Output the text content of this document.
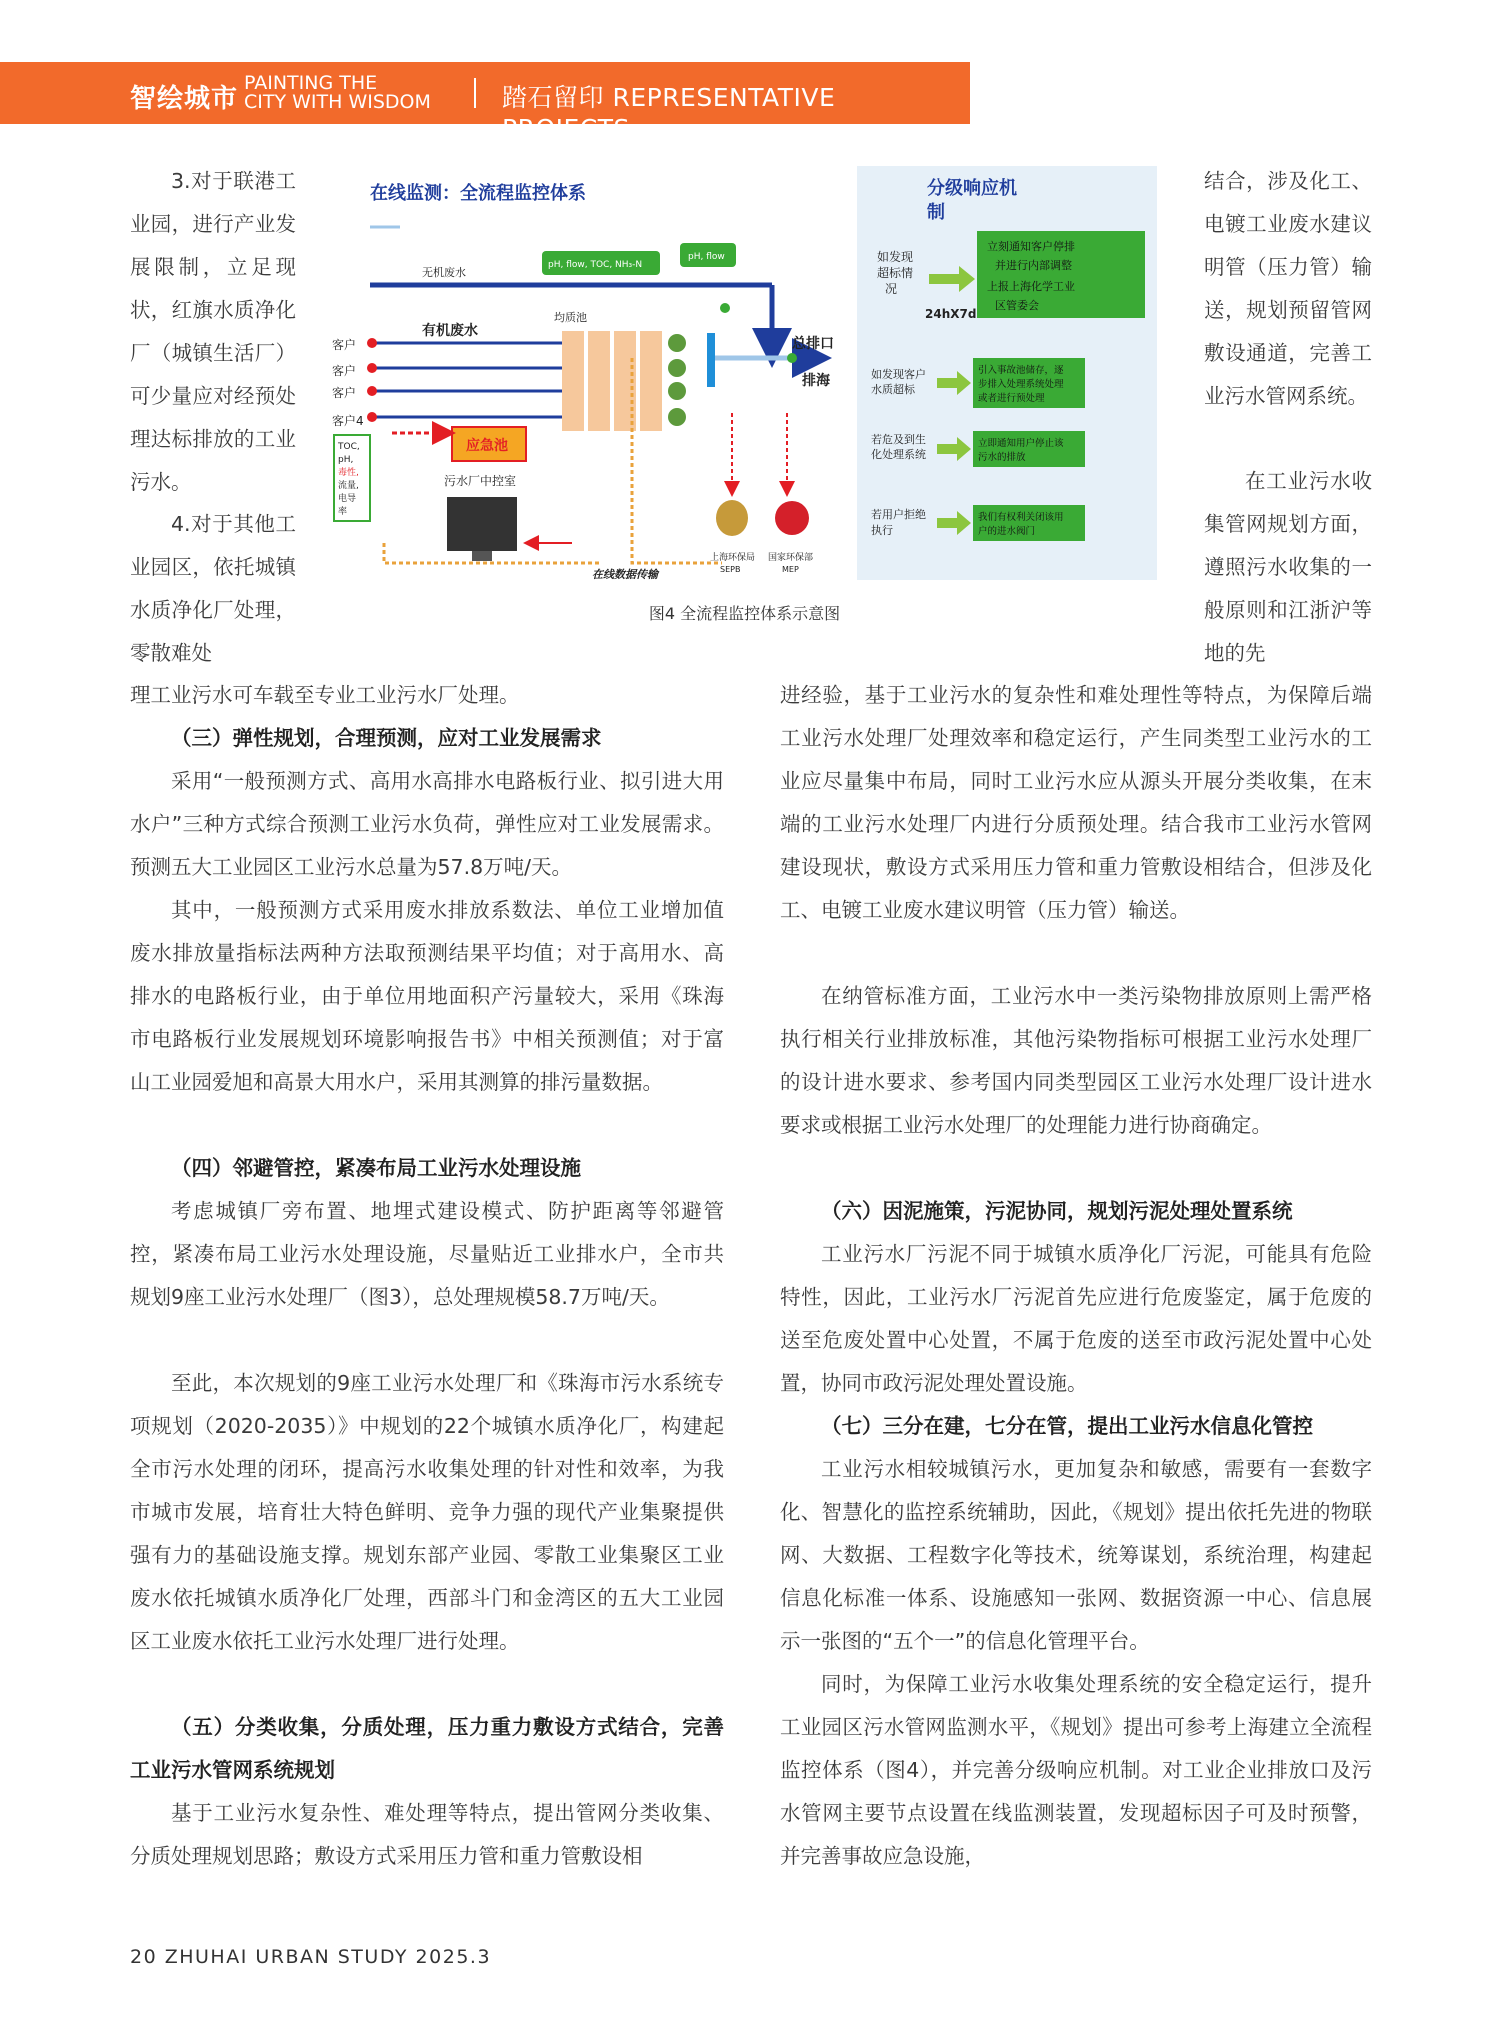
智绘城市
PAINTING THE
CITY WITH WISDOM	踏石留印 REPRESENTATIVE PROJECTS

3.对于联港工业园，进行产业发展限制，立足现状，红旗水质净化厂（城镇生活厂）可少量应对经预处理达标排放的工业污水。

4.对于其他工业园区，依托城镇水质净化厂处理，零散难处

结合，涉及化工、电镀工业废水建议明管（压力管）输送，规划预留管网敷设通道，完善工业污水管网系统。

在工业污水收集管网规划方面，遵照污水收集的一般原则和江浙沪等地的先

在线监测：全流程监控体系
无机废水
有机废水
均质池
客户
客户
客户
客户4
pH, flow, TOC, NH₃-N
pH, flow
总排口
排海
应急池
TOC,
pH,
毒性,
流量,
电导
率
污水厂中控室
在线数据传输
上海环保局
SEPB
国家环保部
MEP
分级响应机
制
如发现
超标情
况
立刻通知客户停排
并进行内部调整
上报上海化学工业
区管委会
24hX7d
如发现客户
水质超标
引入事故池储存，逐
步排入处理系统处理
或者进行预处理
若危及到生
化处理系统
立即通知用户停止该
污水的排放
若用户拒绝
执行
我们有权利关闭该用
户的进水阀门
图4 全流程监控体系示意图

理工业污水可车载至专业工业污水厂处理。

（三）弹性规划，合理预测，应对工业发展需求

采用“一般预测方式、高用水高排水电路板行业、拟引进大用水户”三种方式综合预测工业污水负荷，弹性应对工业发展需求。预测五大工业园区工业污水总量为57.8万吨/天。

其中，一般预测方式采用废水排放系数法、单位工业增加值废水排放量指标法两种方法取预测结果平均值；对于高用水、高排水的电路板行业，由于单位用地面积产污量较大，采用《珠海市电路板行业发展规划环境影响报告书》中相关预测值；对于富山工业园爱旭和高景大用水户，采用其测算的排污量数据。

（四）邻避管控，紧凑布局工业污水处理设施

考虑城镇厂旁布置、地埋式建设模式、防护距离等邻避管控，紧凑布局工业污水处理设施，尽量贴近工业排水户，全市共规划9座工业污水处理厂（图3），总处理规模58.7万吨/天。

至此，本次规划的9座工业污水处理厂和《珠海市污水系统专项规划（2020-2035）》中规划的22个城镇水质净化厂，构建起全市污水处理的闭环，提高污水收集处理的针对性和效率，为我市城市发展，培育壮大特色鲜明、竞争力强的现代产业集聚提供强有力的基础设施支撑。规划东部产业园、零散工业集聚区工业废水依托城镇水质净化厂处理，西部斗门和金湾区的五大工业园区工业废水依托工业污水处理厂进行处理。

（五）分类收集，分质处理，压力重力敷设方式结合，完善工业污水管网系统规划

基于工业污水复杂性、难处理等特点，提出管网分类收集、分质处理规划思路；敷设方式采用压力管和重力管敷设相

进经验，基于工业污水的复杂性和难处理性等特点，为保障后端工业污水处理厂处理效率和稳定运行，产生同类型工业污水的工业应尽量集中布局，同时工业污水应从源头开展分类收集，在末端的工业污水处理厂内进行分质预处理。结合我市工业污水管网建设现状，敷设方式采用压力管和重力管敷设相结合，但涉及化工、电镀工业废水建议明管（压力管）输送。

在纳管标准方面，工业污水中一类污染物排放原则上需严格执行相关行业排放标准，其他污染物指标可根据工业污水处理厂的设计进水要求、参考国内同类型园区工业污水处理厂设计进水要求或根据工业污水处理厂的处理能力进行协商确定。

（六）因泥施策，污泥协同，规划污泥处理处置系统

工业污水厂污泥不同于城镇水质净化厂污泥，可能具有危险特性，因此，工业污水厂污泥首先应进行危废鉴定，属于危废的送至危废处置中心处置，不属于危废的送至市政污泥处置中心处置，协同市政污泥处理处置设施。

（七）三分在建，七分在管，提出工业污水信息化管控

工业污水相较城镇污水，更加复杂和敏感，需要有一套数字化、智慧化的监控系统辅助，因此，《规划》提出依托先进的物联网、大数据、工程数字化等技术，统筹谋划，系统治理，构建起信息化标准一体系、设施感知一张网、数据资源一中心、信息展示一张图的“五个一”的信息化管理平台。

同时，为保障工业污水收集处理系统的安全稳定运行，提升工业园区污水管网监测水平，《规划》提出可参考上海建立全流程监控体系（图4），并完善分级响应机制。对工业企业排放口及污水管网主要节点设置在线监测装置，发现超标因子可及时预警，并完善事故应急设施，

20 ZHUHAI URBAN STUDY 2025.3
